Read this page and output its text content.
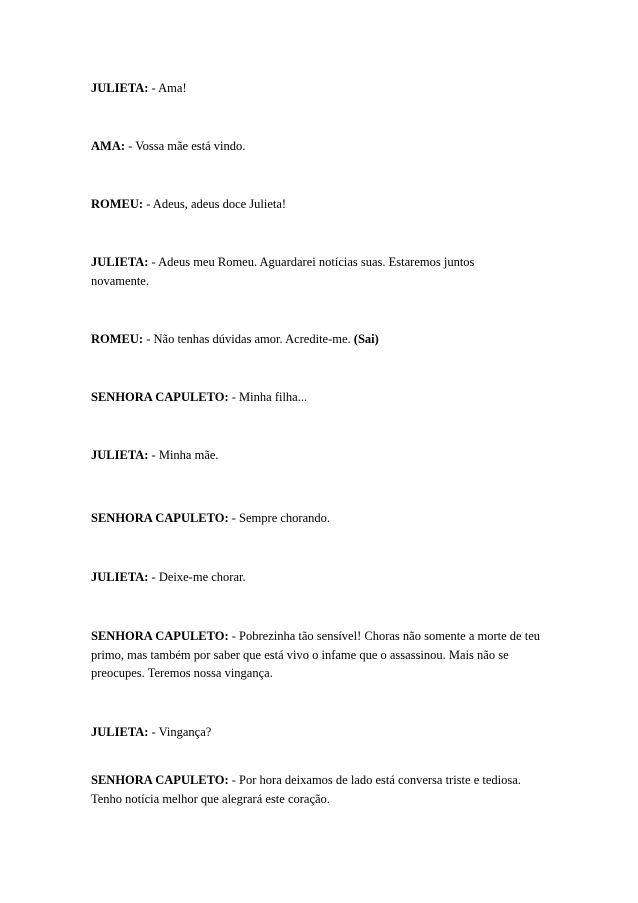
JULIETA: - Ama!
AMA: - Vossa mãe está vindo.
ROMEU: - Adeus, adeus doce Julieta!
JULIETA: - Adeus meu Romeu. Aguardarei notícias suas. Estaremos juntos novamente.
ROMEU: - Não tenhas dúvidas amor. Acredite-me. (Sai)
SENHORA CAPULETO: - Minha filha...
JULIETA: - Minha mãe.
SENHORA CAPULETO: - Sempre chorando.
JULIETA: - Deixe-me chorar.
SENHORA CAPULETO: - Pobrezinha tão sensível! Choras não somente a morte de teu primo, mas também por saber que está vivo o infame que o assassinou. Mais não se preocupes. Teremos nossa vingança.
JULIETA: - Vingança?
SENHORA CAPULETO: - Por hora deixamos de lado está conversa triste e tediosa. Tenho notícia melhor que alegrará este coração.
